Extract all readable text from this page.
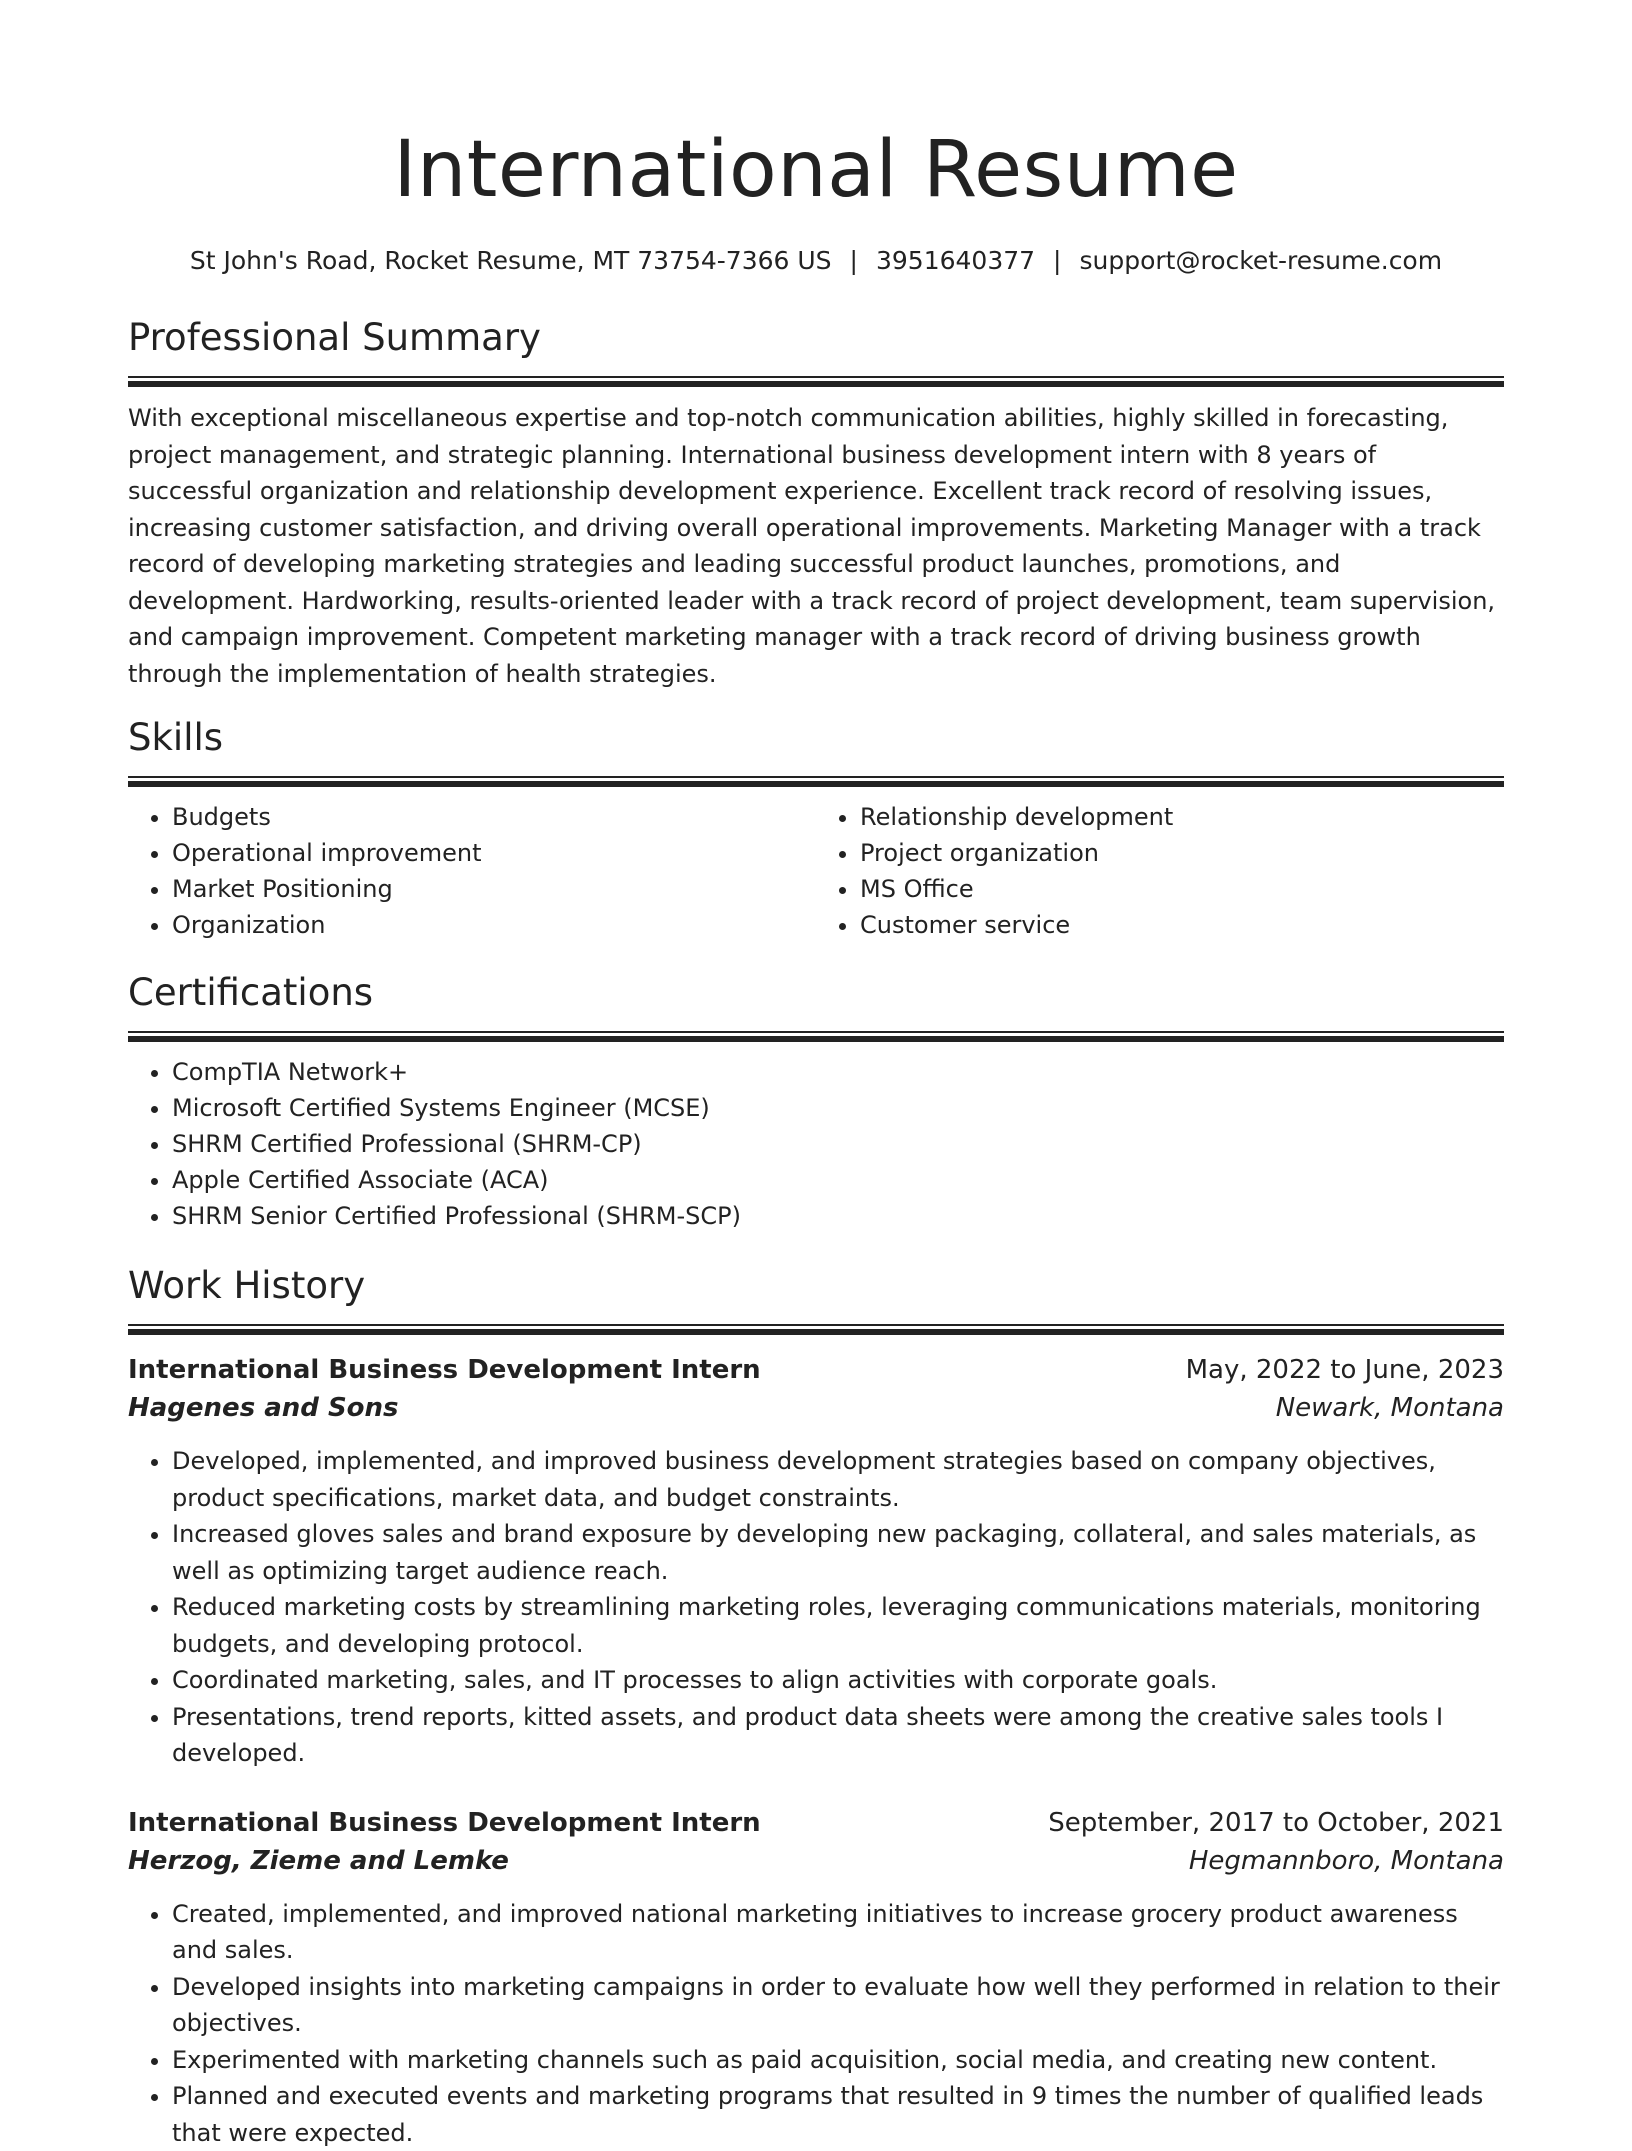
International Resume
St John's Road, Rocket Resume, MT 73754-7366 US | 3951640377 | support@rocket-resume.com
Professional Summary

With exceptional miscellaneous expertise and top-notch communication abilities, highly skilled in forecasting, project management, and strategic planning. International business development intern with 8 years of successful organization and relationship development experience. Excellent track record of resolving issues, increasing customer satisfaction, and driving overall operational improvements. Marketing Manager with a track record of developing marketing strategies and leading successful product launches, promotions, and development. Hardworking, results-oriented leader with a track record of project development, team supervision, and campaign improvement. Competent marketing manager with a track record of driving business growth through the implementation of health strategies.

Skills
• Budgets
• Operational improvement
• Market Positioning
• Organization
• Relationship development
• Project organization
• MS Office
• Customer service
Certifications
• CompTIA Network+
• Microsoft Certified Systems Engineer (MCSE)
• SHRM Certified Professional (SHRM-CP)
• Apple Certified Associate (ACA)
• SHRM Senior Certified Professional (SHRM-SCP)
Work History
International Business Development Intern	May, 2022 to June, 2023
Hagenes and Sons	Newark, Montana
• Developed, implemented, and improved business development strategies based on company objectives, product specifications, market data, and budget constraints.
• Increased gloves sales and brand exposure by developing new packaging, collateral, and sales materials, as well as optimizing target audience reach.
• Reduced marketing costs by streamlining marketing roles, leveraging communications materials, monitoring budgets, and developing protocol.
• Coordinated marketing, sales, and IT processes to align activities with corporate goals.
• Presentations, trend reports, kitted assets, and product data sheets were among the creative sales tools I developed.
International Business Development Intern	September, 2017 to October, 2021
Herzog, Zieme and Lemke	Hegmannboro, Montana
• Created, implemented, and improved national marketing initiatives to increase grocery product awareness and sales.
• Developed insights into marketing campaigns in order to evaluate how well they performed in relation to their objectives.
• Experimented with marketing channels such as paid acquisition, social media, and creating new content.
• Planned and executed events and marketing programs that resulted in 9 times the number of qualified leads that were expected.
